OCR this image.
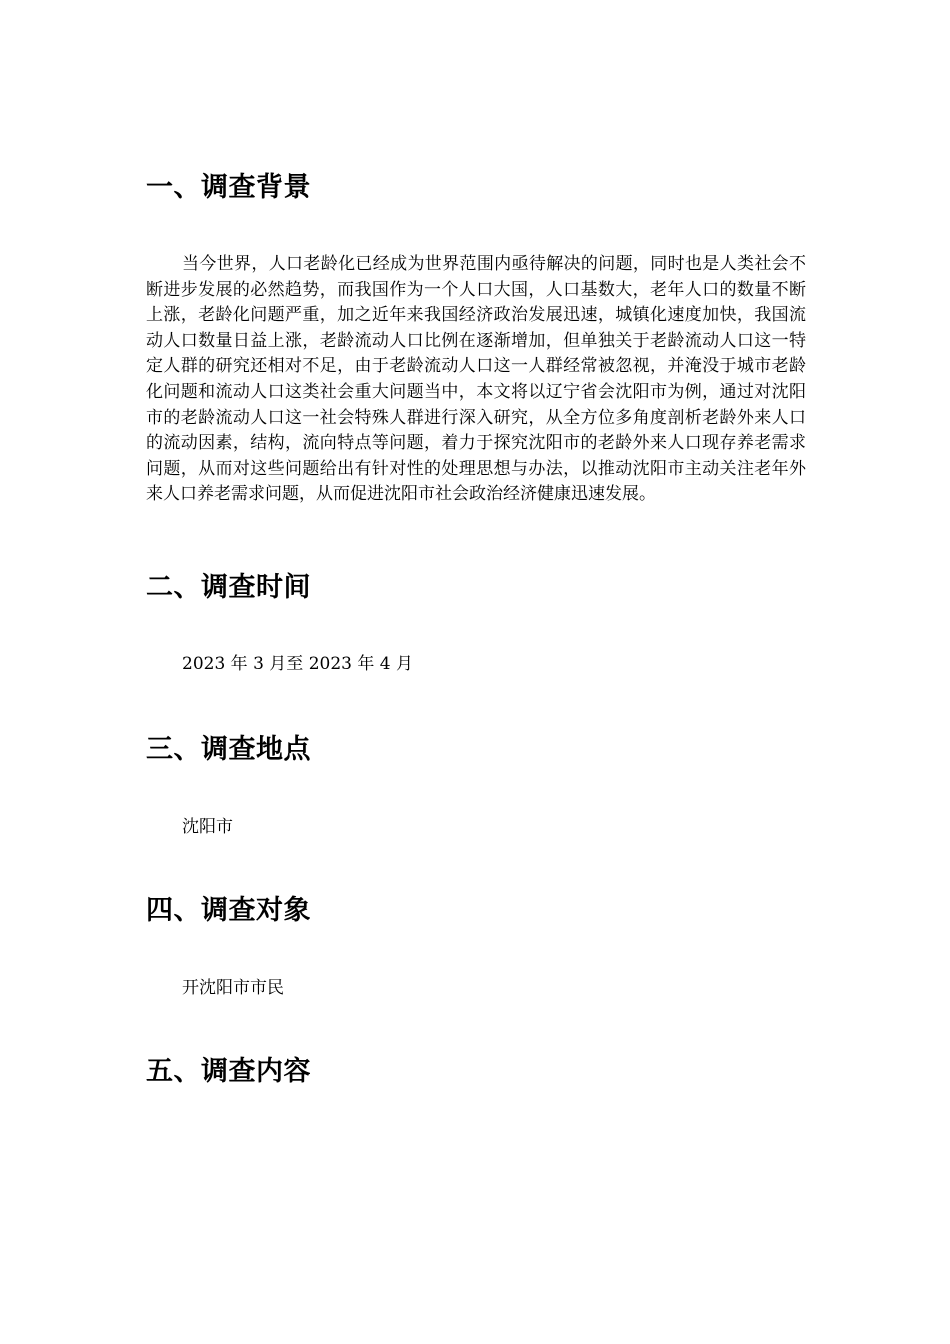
一、调查背景

当今世界，人口老龄化已经成为世界范围内亟待解决的问题，同时也是人类社会不断进步发展的必然趋势，而我国作为一个人口大国，人口基数大，老年人口的数量不断上涨，老龄化问题严重，加之近年来我国经济政治发展迅速，城镇化速度加快，我国流动人口数量日益上涨，老龄流动人口比例在逐渐增加，但单独关于老龄流动人口这一特定人群的研究还相对不足，由于老龄流动人口这一人群经常被忽视，并淹没于城市老龄化问题和流动人口这类社会重大问题当中，本文将以辽宁省会沈阳市为例，通过对沈阳市的老龄流动人口这一社会特殊人群进行深入研究，从全方位多角度剖析老龄外来人口的流动因素，结构，流向特点等问题，着力于探究沈阳市的老龄外来人口现存养老需求问题，从而对这些问题给出有针对性的处理思想与办法，以推动沈阳市主动关注老年外来人口养老需求问题，从而促进沈阳市社会政治经济健康迅速发展。

二、调查时间

2023 年 3 月至 2023 年 4 月

三、调查地点

沈阳市

四、调查对象

开沈阳市市民

五、调查内容
